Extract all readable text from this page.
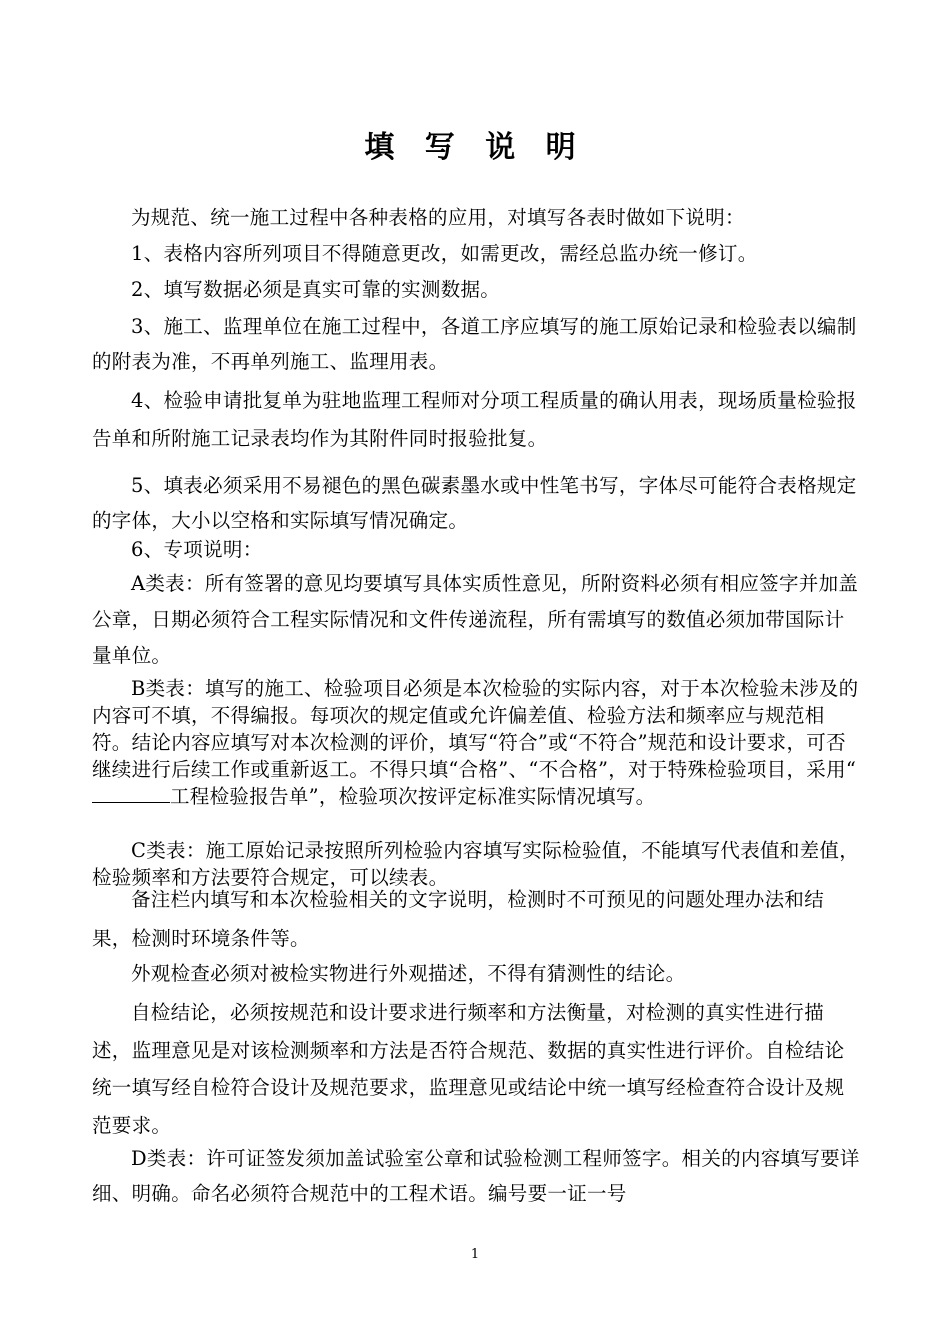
填 写 说 明

为规范、统一施工过程中各种表格的应用，对填写各表时做如下说明：

1、表格内容所列项目不得随意更改，如需更改，需经总监办统一修订。

2、填写数据必须是真实可靠的实测数据。

3、施工、监理单位在施工过程中，各道工序应填写的施工原始记录和检验表以编制的附表为准，不再单列施工、监理用表。

4、检验申请批复单为驻地监理工程师对分项工程质量的确认用表，现场质量检验报告单和所附施工记录表均作为其附件同时报验批复。

5、填表必须采用不易褪色的黑色碳素墨水或中性笔书写，字体尽可能符合表格规定的字体，大小以空格和实际填写情况确定。

6、专项说明：

A类表：所有签署的意见均要填写具体实质性意见，所附资料必须有相应签字并加盖公章，日期必须符合工程实际情况和文件传递流程，所有需填写的数值必须加带国际计量单位。

B类表：填写的施工、检验项目必须是本次检验的实际内容，对于本次检验未涉及的内容可不填，不得编报。每项次的规定值或允许偏差值、检验方法和频率应与规范相符。结论内容应填写对本次检测的评价，填写“符合”或“不符合”规范和设计要求，可否继续进行后续工作或重新返工。不得只填“合格”、“不合格”，对于特殊检验项目，采用“工程检验报告单”，检验项次按评定标准实际情况填写。

C类表：施工原始记录按照所列检验内容填写实际检验值，不能填写代表值和差值，检验频率和方法要符合规定，可以续表。

备注栏内填写和本次检验相关的文字说明，检测时不可预见的问题处理办法和结果，检测时环境条件等。

外观检查必须对被检实物进行外观描述，不得有猜测性的结论。

自检结论，必须按规范和设计要求进行频率和方法衡量，对检测的真实性进行描述，监理意见是对该检测频率和方法是否符合规范、数据的真实性进行评价。自检结论统一填写经自检符合设计及规范要求，监理意见或结论中统一填写经检查符合设计及规范要求。

D类表：许可证签发须加盖试验室公章和试验检测工程师签字。相关的内容填写要详细、明确。命名必须符合规范中的工程术语。编号要一证一号

1
